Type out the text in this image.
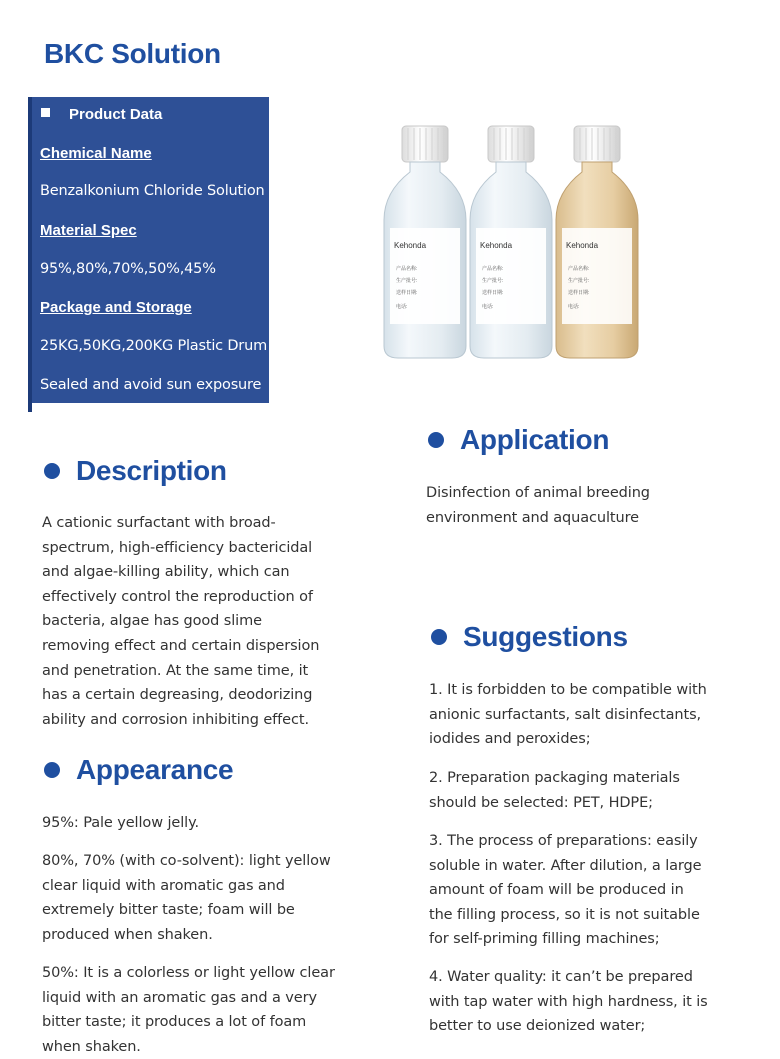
BKC Solution
Product Data
Chemical Name
Benzalkonium Chloride Solution
Material Spec
95%,80%,70%,50%,45%
Package and Storage
25KG,50KG,200KG Plastic Drum
Sealed and avoid sun exposure
Kehonda
产品名称:
生产批号:
送样日期:
电话:
Kehonda
产品名称:
生产批号:
送样日期:
电话:
Kehonda
产品名称:
生产批号:
送样日期:
电话:
Application
Disinfection of animal breeding
environment and aquaculture
Description
A cationic surfactant with broad-
spectrum, high-efficiency bactericidal
and algae-killing ability, which can
effectively control the reproduction of
bacteria, algae has good slime
removing effect and certain dispersion
and penetration. At the same time, it
has a certain degreasing, deodorizing
ability and corrosion inhibiting effect.
Suggestions
1. It is forbidden to be compatible with
anionic surfactants, salt disinfectants,
iodides and peroxides;
2. Preparation packaging materials
should be selected: PET, HDPE;
3. The process of preparations: easily
soluble in water. After dilution, a large
amount of foam will be produced in
the filling process, so it is not suitable
for self-priming filling machines;
4. Water quality: it can’t be prepared
with tap water with high hardness, it is
better to use deionized water;
Appearance
95%: Pale yellow jelly.
80%, 70% (with co-solvent): light yellow
clear liquid with aromatic gas and
extremely bitter taste; foam will be
produced when shaken.
50%: It is a colorless or light yellow clear
liquid with an aromatic gas and a very
bitter taste; it produces a lot of foam
when shaken.
